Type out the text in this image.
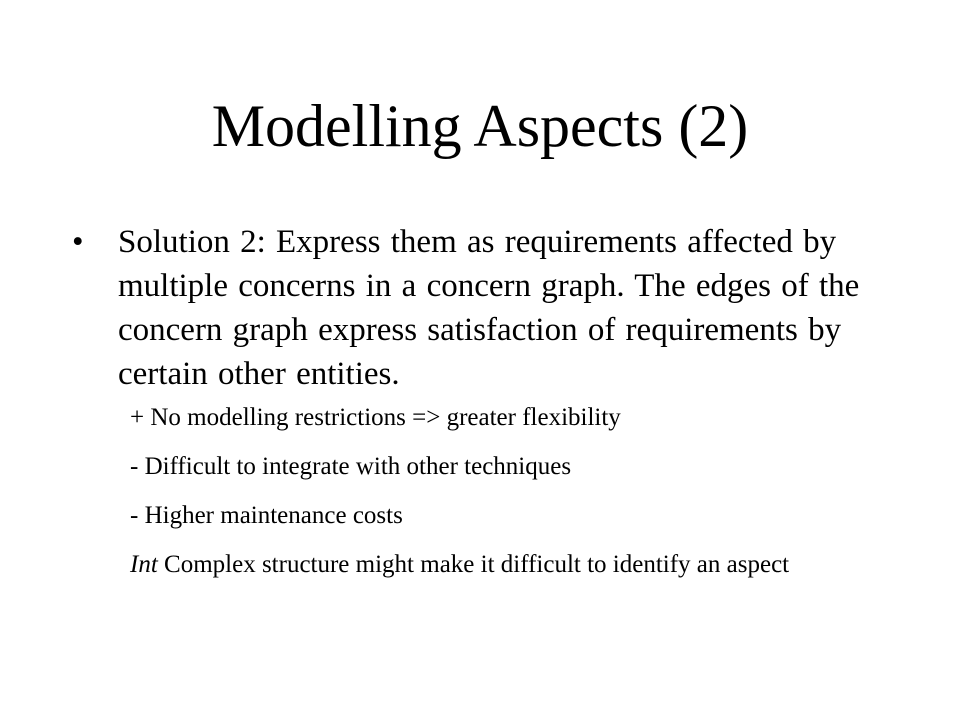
Modelling Aspects (2)
•	Solution 2: Express them as requirements affected by multiple concerns in a concern graph. The edges of the concern graph express satisfaction of requirements by certain other entities.
+ No modelling restrictions => greater flexibility
- Difficult to integrate with other techniques
- Higher maintenance costs
Int Complex structure might make it difficult to identify an aspect
